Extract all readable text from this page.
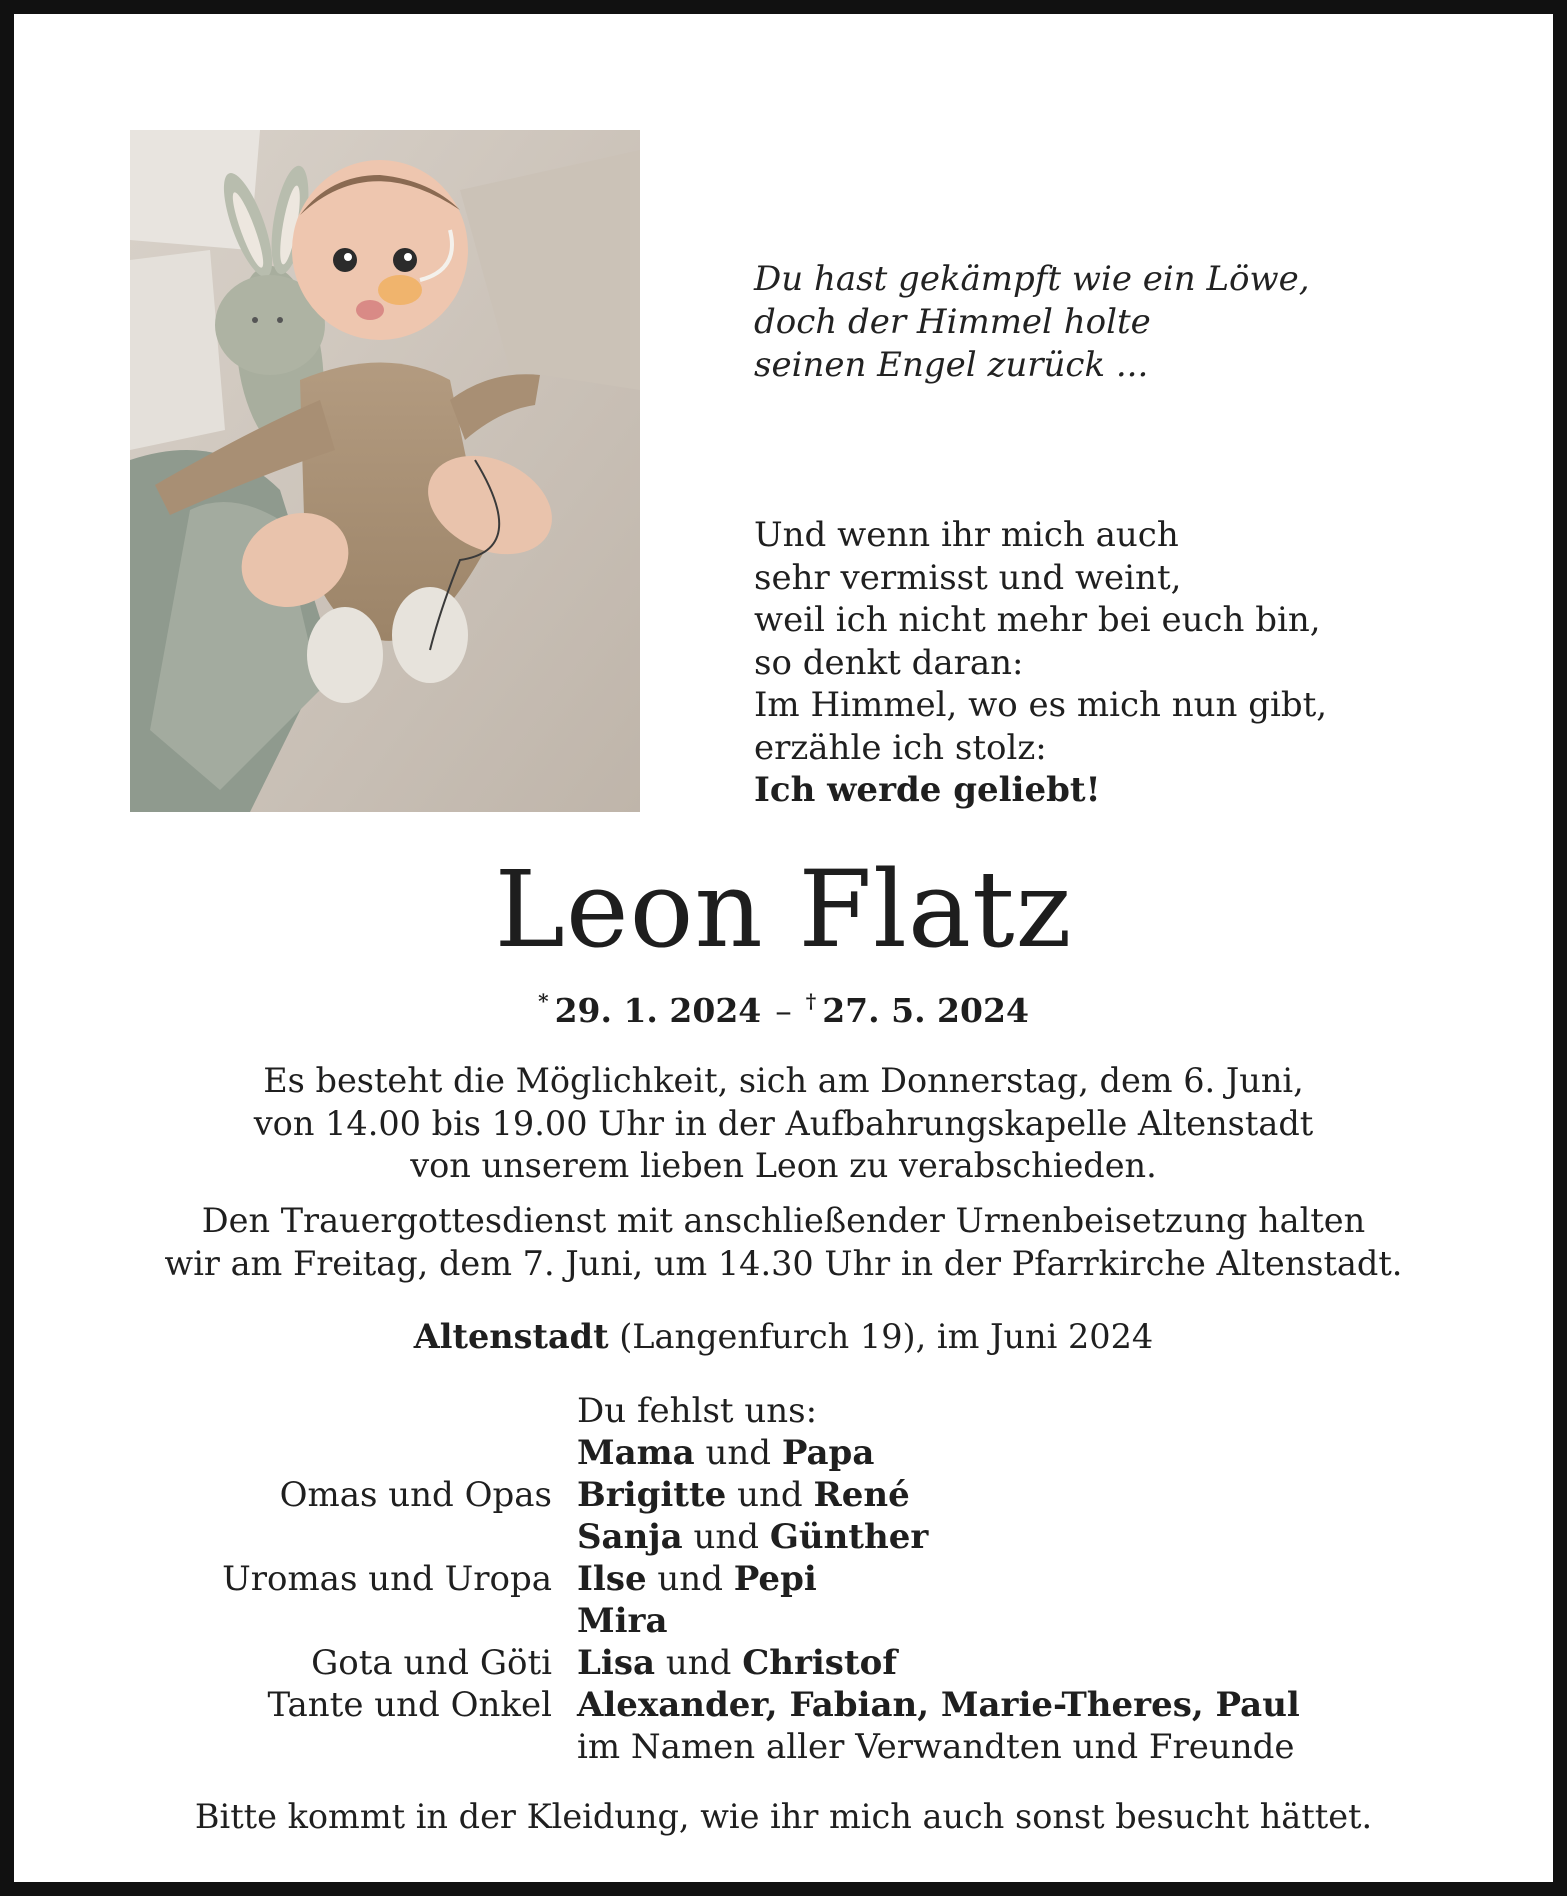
Du hast gekämpft wie ein Löwe,
doch der Himmel holte
seinen Engel zurück ...
Und wenn ihr mich auch
sehr vermisst und weint,
weil ich nicht mehr bei euch bin,
so denkt daran:
Im Himmel, wo es mich nun gibt,
erzähle ich stolz:
Ich werde geliebt!
Leon Flatz
* 29. 1. 2024 – † 27. 5. 2024
Es besteht die Möglichkeit, sich am Donnerstag, dem 6. Juni,
von 14.00 bis 19.00 Uhr in der Aufbahrungskapelle Altenstadt
von unserem lieben Leon zu verabschieden.
Den Trauergottesdienst mit anschließender Urnenbeisetzung halten
wir am Freitag, dem 7. Juni, um 14.30 Uhr in der Pfarrkirche Altenstadt.
Altenstadt (Langenfurch 19), im Juni 2024
Du fehlst uns:
Mama und Papa
Omas und Opas Brigitte und René
Sanja und Günther
Uromas und Uropa Ilse und Pepi
Mira
Gota und Göti Lisa und Christof
Tante und Onkel Alexander, Fabian, Marie-Theres, Paul
im Namen aller Verwandten und Freunde
Bitte kommt in der Kleidung, wie ihr mich auch sonst besucht hättet.
